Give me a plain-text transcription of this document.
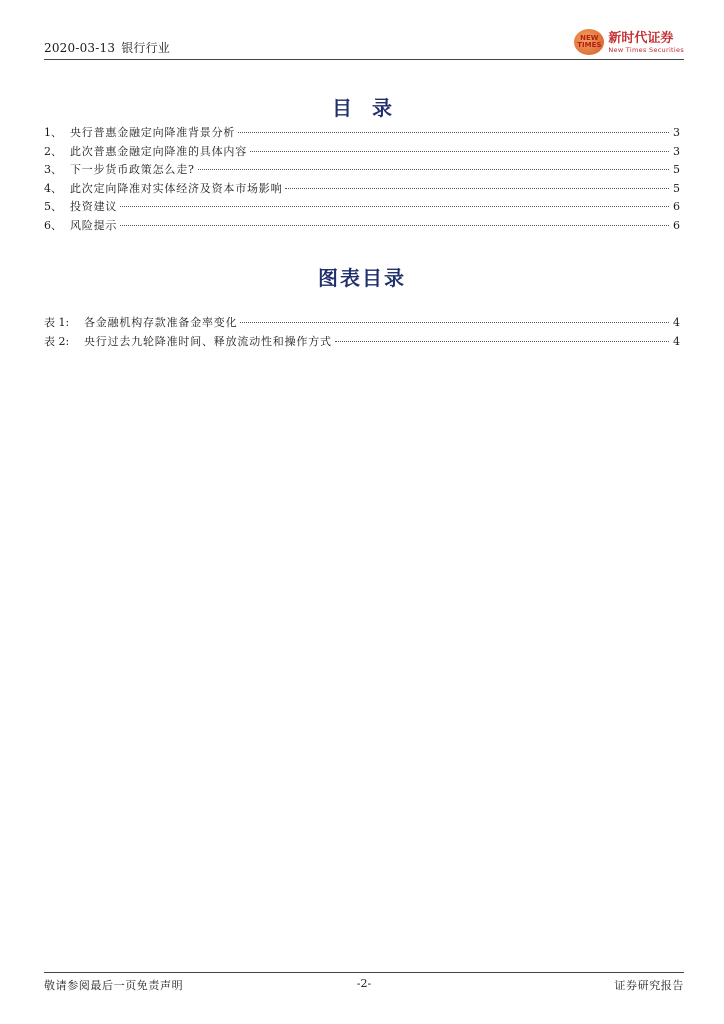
2020-03-13 银行行业
NEW
TIMES 新时代证券
New Times Securities
目录
1、 央行普惠金融定向降准背景分析	3
2、 此次普惠金融定向降准的具体内容	3
3、 下一步货币政策怎么走?	5
4、 此次定向降准对实体经济及资本市场影响	5
5、 投资建议	6
6、 风险提示	6
图表目录
表 1:	各金融机构存款准备金率变化	4
表 2:	央行过去九轮降准时间、释放流动性和操作方式	4
敬请参阅最后一页免责声明	-2-	证券研究报告
